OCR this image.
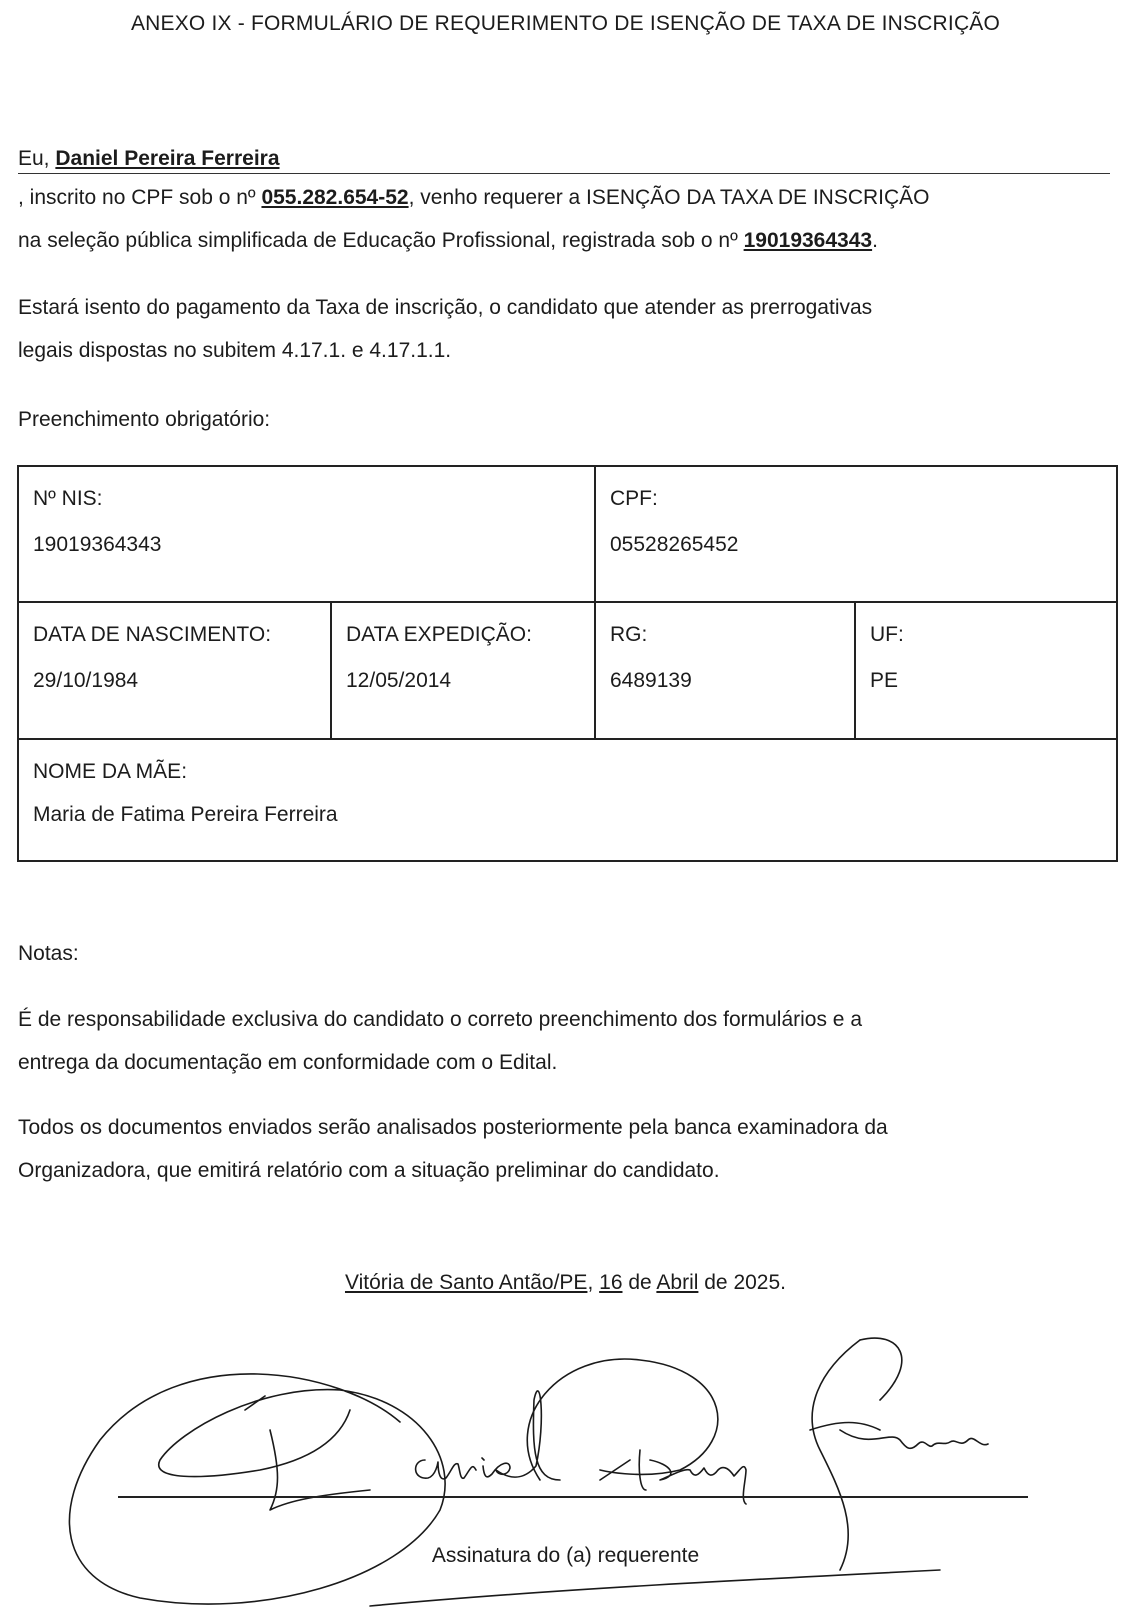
ANEXO IX - FORMULÁRIO DE REQUERIMENTO DE ISENÇÃO DE TAXA DE INSCRIÇÃO
Eu, Daniel Pereira Ferreira
, inscrito no CPF sob o nº 055.282.654-52, venho requerer a ISENÇÃO DA TAXA DE INSCRIÇÃO
na seleção pública simplificada de Educação Profissional, registrada sob o nº 19019364343.
Estará isento do pagamento da Taxa de inscrição, o candidato que atender as prerrogativas
legais dispostas no subitem 4.17.1. e 4.17.1.1.
Preenchimento obrigatório:
Nº NIS:
19019364343
CPF:
05528265452
DATA DE NASCIMENTO:
29/10/1984
DATA EXPEDIÇÃO:
12/05/2014
RG:
6489139
UF:
PE
NOME DA MÃE:
Maria de Fatima Pereira Ferreira
Notas:
É de responsabilidade exclusiva do candidato o correto preenchimento dos formulários e a
entrega da documentação em conformidade com o Edital.
Todos os documentos enviados serão analisados posteriormente pela banca examinadora da
Organizadora, que emitirá relatório com a situação preliminar do candidato.
Vitória de Santo Antão/PE, 16 de Abril de 2025.
Assinatura do (a) requerente
